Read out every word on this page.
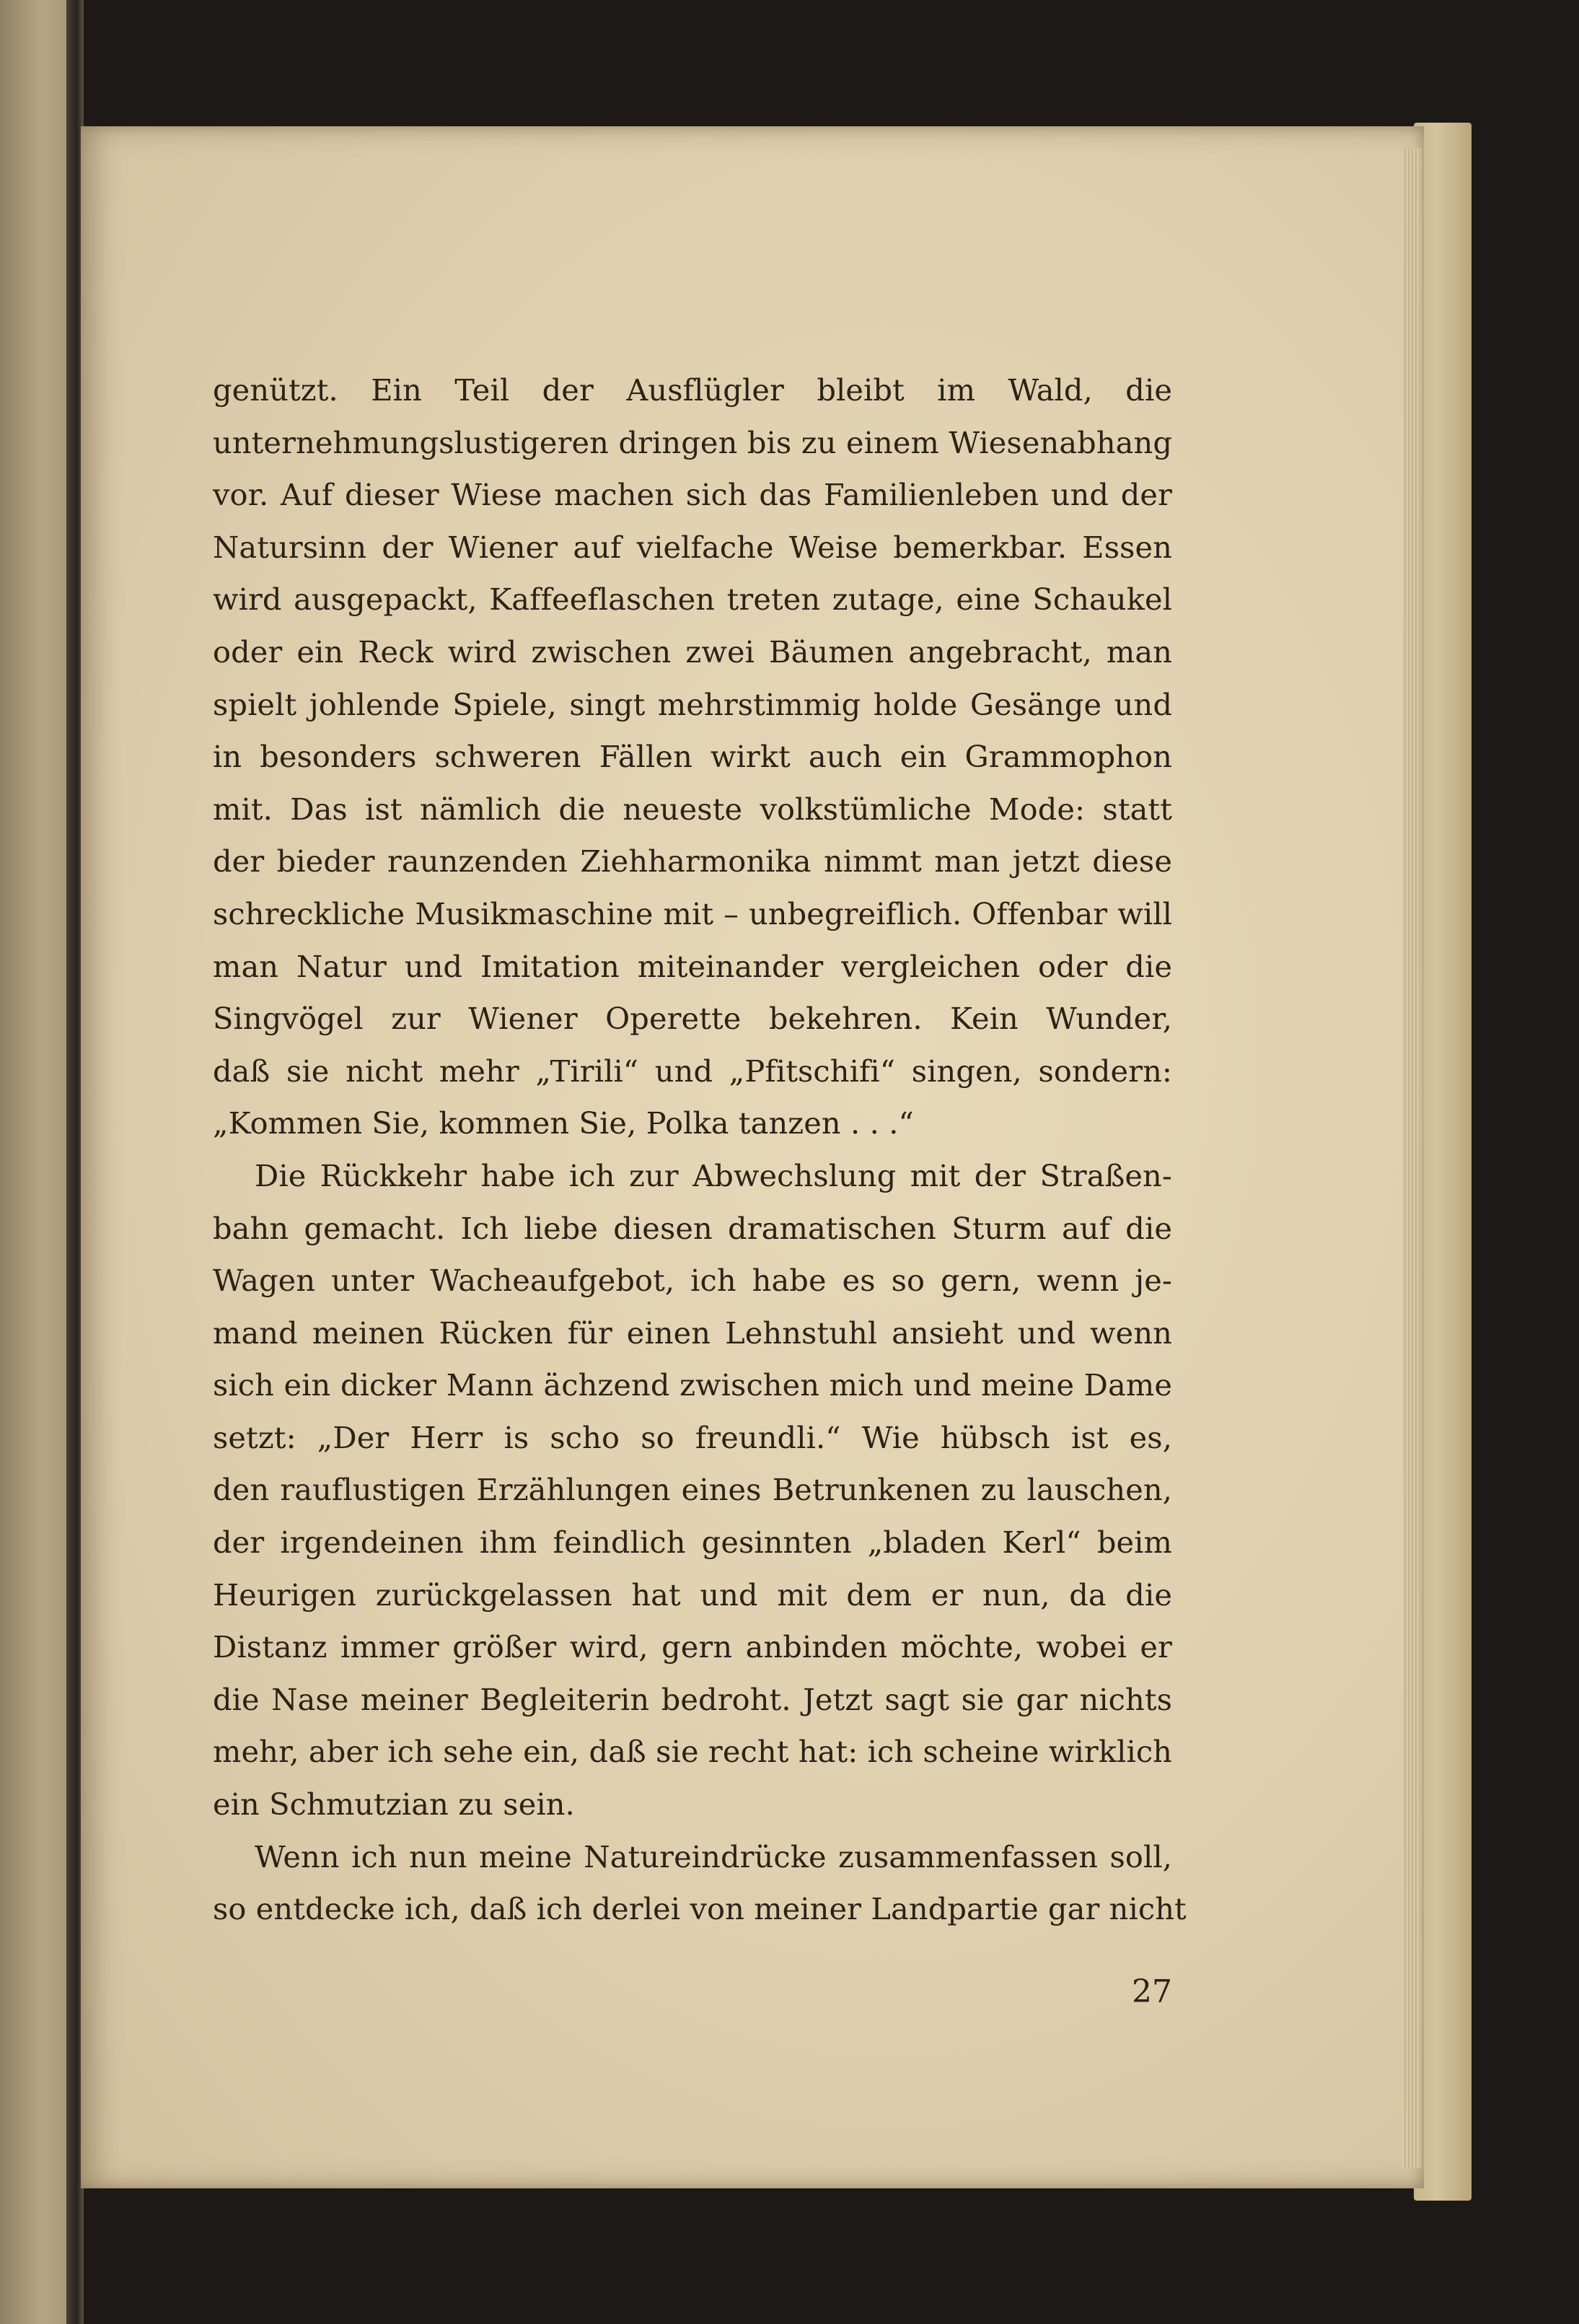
genützt. Ein Teil der Ausflügler bleibt im Wald, die
unternehmungslustigeren dringen bis zu einem Wiesenabhang
vor. Auf dieser Wiese machen sich das Familienleben und der
Natursinn der Wiener auf vielfache Weise bemerkbar. Essen
wird ausgepackt, Kaffeeflaschen treten zutage, eine Schaukel
oder ein Reck wird zwischen zwei Bäumen angebracht, man
spielt johlende Spiele, singt mehrstimmig holde Gesänge und
in besonders schweren Fällen wirkt auch ein Grammophon
mit. Das ist nämlich die neueste volkstümliche Mode: statt
der bieder raunzenden Ziehharmonika nimmt man jetzt diese
schreckliche Musikmaschine mit – unbegreiflich. Offenbar will
man Natur und Imitation miteinander vergleichen oder die
Singvögel zur Wiener Operette bekehren. Kein Wunder,
daß sie nicht mehr „Tirili“ und „Pfitschifi“ singen, sondern:
„Kommen Sie, kommen Sie, Polka tanzen . . .“
Die Rückkehr habe ich zur Abwechslung mit der Straßen-
bahn gemacht. Ich liebe diesen dramatischen Sturm auf die
Wagen unter Wacheaufgebot, ich habe es so gern, wenn je-
mand meinen Rücken für einen Lehnstuhl ansieht und wenn
sich ein dicker Mann ächzend zwischen mich und meine Dame
setzt: „Der Herr is scho so freundli.“ Wie hübsch ist es,
den rauflustigen Erzählungen eines Betrunkenen zu lauschen,
der irgendeinen ihm feindlich gesinnten „bladen Kerl“ beim
Heurigen zurückgelassen hat und mit dem er nun, da die
Distanz immer größer wird, gern anbinden möchte, wobei er
die Nase meiner Begleiterin bedroht. Jetzt sagt sie gar nichts
mehr, aber ich sehe ein, daß sie recht hat: ich scheine wirklich
ein Schmutzian zu sein.
Wenn ich nun meine Natureindrücke zusammenfassen soll,
so entdecke ich, daß ich derlei von meiner Landpartie gar nicht
27
